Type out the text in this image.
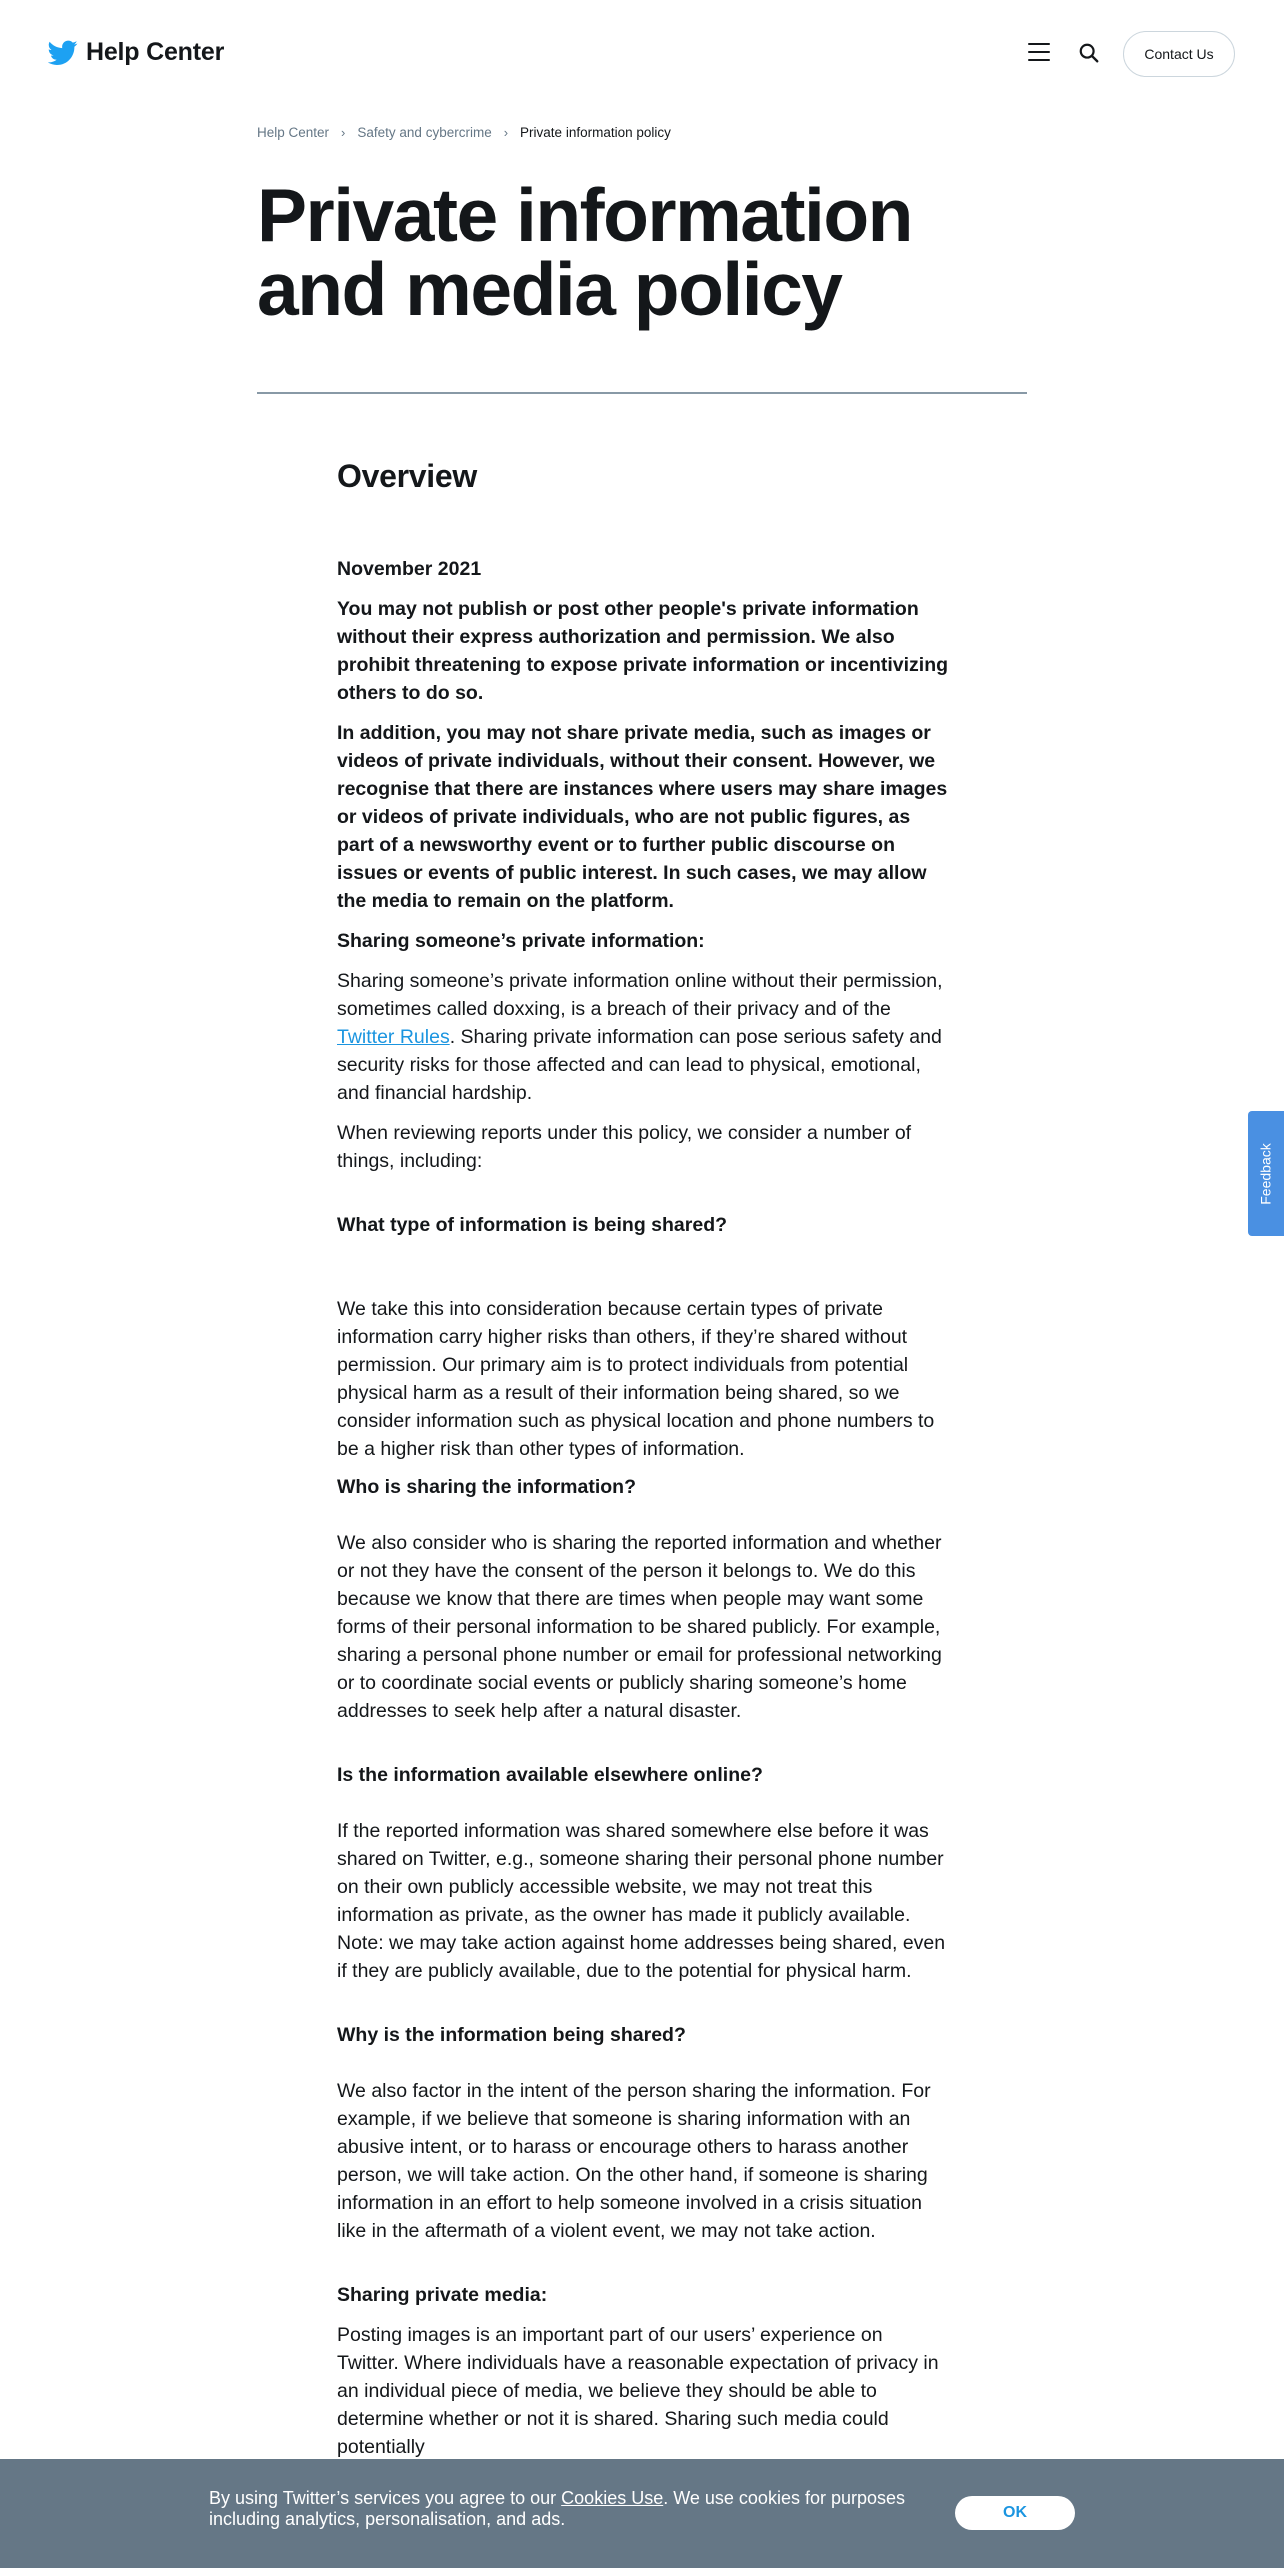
Help Center	Contact Us
Help Center › Safety and cybercrime › Private information policy
Private information
and media policy
Overview

November 2021

You may not publish or post other people's private information without their express authorization and permission. We also prohibit threatening to expose private information or incentivizing others to do so.

In addition, you may not share private media, such as images or videos of private individuals, without their consent. However, we recognise that there are instances where users may share images or videos of private individuals, who are not public figures, as part of a newsworthy event or to further public discourse on issues or events of public interest. In such cases, we may allow the media to remain on the platform.

Sharing someone’s private information:

Sharing someone’s private information online without their permission, sometimes called doxxing, is a breach of their privacy and of the Twitter Rules. Sharing private information can pose serious safety and security risks for those affected and can lead to physical, emotional, and financial hardship.

When reviewing reports under this policy, we consider a number of things, including:

What type of information is being shared?

We take this into consideration because certain types of private information carry higher risks than others, if they’re shared without permission. Our primary aim is to protect individuals from potential physical harm as a result of their information being shared, so we consider information such as physical location and phone numbers to be a higher risk than other types of information.

Who is sharing the information?

We also consider who is sharing the reported information and whether or not they have the consent of the person it belongs to. We do this because we know that there are times when people may want some forms of their personal information to be shared publicly. For example, sharing a personal phone number or email for professional networking or to coordinate social events or publicly sharing someone’s home addresses to seek help after a natural disaster.

Is the information available elsewhere online?

If the reported information was shared somewhere else before it was shared on Twitter, e.g., someone sharing their personal phone number on their own publicly accessible website, we may not treat this information as private, as the owner has made it publicly available. Note: we may take action against home addresses being shared, even if they are publicly available, due to the potential for physical harm.

Why is the information being shared?

We also factor in the intent of the person sharing the information. For example, if we believe that someone is sharing information with an abusive intent, or to harass or encourage others to harass another person, we will take action. On the other hand, if someone is sharing information in an effort to help someone involved in a crisis situation like in the aftermath of a violent event, we may not take action.

Sharing private media:

Posting images is an important part of our users’ experience on Twitter. Where individuals have a reasonable expectation of privacy in an individual piece of media, we believe they should be able to determine whether or not it is shared. Sharing such media could potentially

Feedback

By using Twitter’s services you agree to our Cookies Use. We use cookies for purposes including analytics, personalisation, and ads.	OK
